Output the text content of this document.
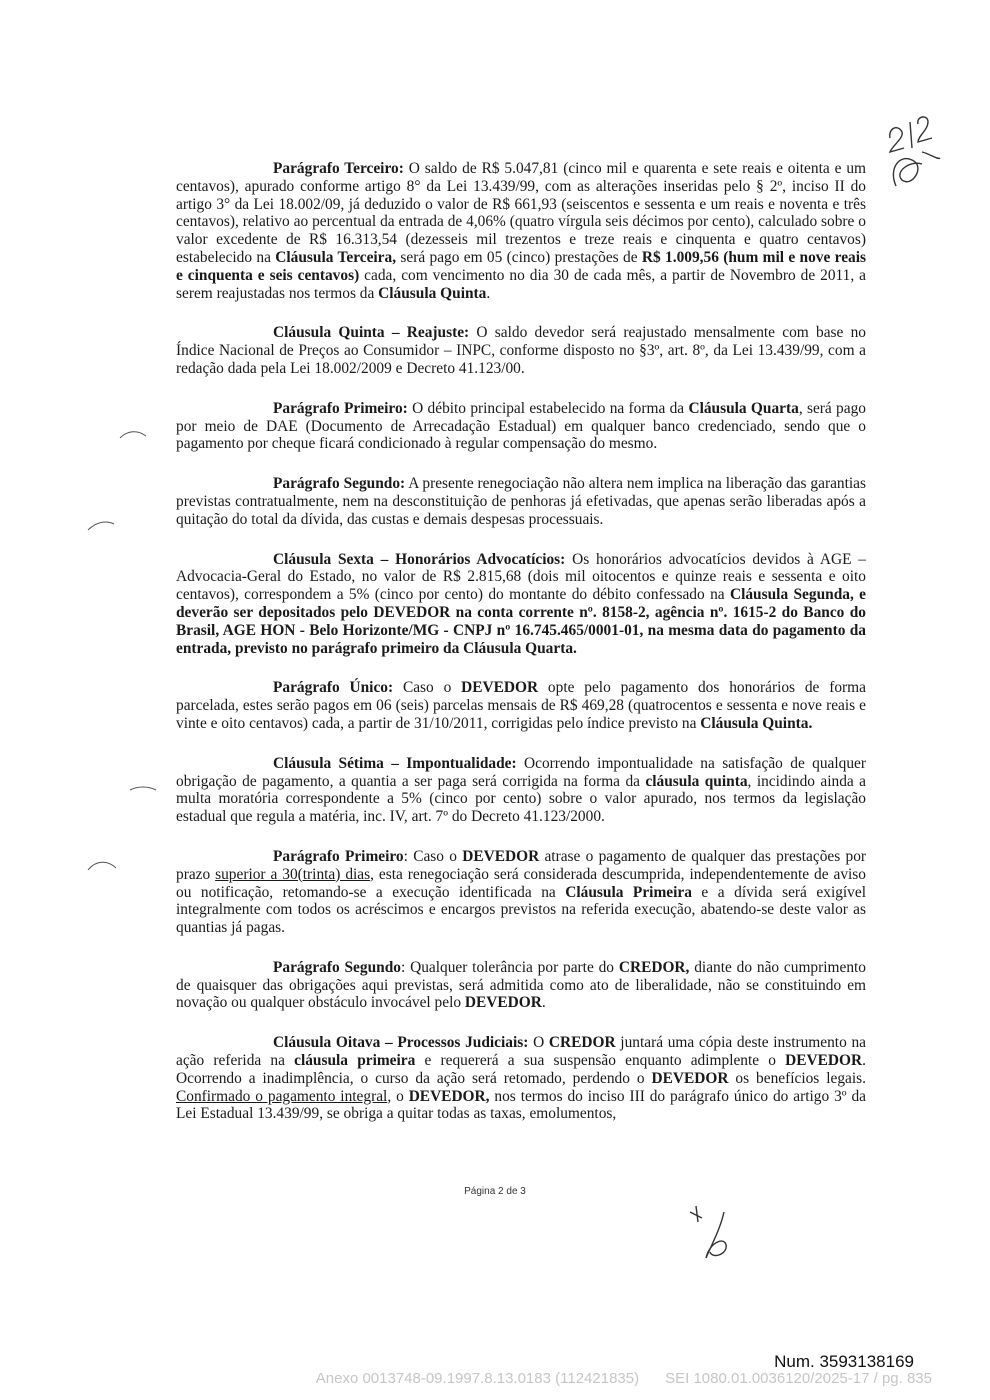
Parágrafo Terceiro: O saldo de R$ 5.047,81 (cinco mil e quarenta e sete reais e oitenta e um centavos), apurado conforme artigo 8° da Lei 13.439/99, com as alterações inseridas pelo § 2º, inciso II do artigo 3° da Lei 18.002/09, já deduzido o valor de R$ 661,93 (seiscentos e sessenta e um reais e noventa e três centavos), relativo ao percentual da entrada de 4,06% (quatro vírgula seis décimos por cento), calculado sobre o valor excedente de R$ 16.313,54 (dezesseis mil trezentos e treze reais e cinquenta e quatro centavos) estabelecido na Cláusula Terceira, será pago em 05 (cinco) prestações de R$ 1.009,56 (hum mil e nove reais e cinquenta e seis centavos) cada, com vencimento no dia 30 de cada mês, a partir de Novembro de 2011, a serem reajustadas nos termos da Cláusula Quinta.

Cláusula Quinta – Reajuste: O saldo devedor será reajustado mensalmente com base no Índice Nacional de Preços ao Consumidor – INPC, conforme disposto no §3º, art. 8º, da Lei 13.439/99, com a redação dada pela Lei 18.002/2009 e Decreto 41.123/00.

Parágrafo Primeiro: O débito principal estabelecido na forma da Cláusula Quarta, será pago por meio de DAE (Documento de Arrecadação Estadual) em qualquer banco credenciado, sendo que o pagamento por cheque ficará condicionado à regular compensação do mesmo.

Parágrafo Segundo: A presente renegociação não altera nem implica na liberação das garantias previstas contratualmente, nem na desconstituição de penhoras já efetivadas, que apenas serão liberadas após a quitação do total da dívida, das custas e demais despesas processuais.

Cláusula Sexta – Honorários Advocatícios: Os honorários advocatícios devidos à AGE – Advocacia-Geral do Estado, no valor de R$ 2.815,68 (dois mil oitocentos e quinze reais e sessenta e oito centavos), correspondem a 5% (cinco por cento) do montante do débito confessado na Cláusula Segunda, e deverão ser depositados pelo DEVEDOR na conta corrente nº. 8158-2, agência nº. 1615-2 do Banco do Brasil, AGE HON - Belo Horizonte/MG - CNPJ nº 16.745.465/0001-01, na mesma data do pagamento da entrada, previsto no parágrafo primeiro da Cláusula Quarta.

Parágrafo Único: Caso o DEVEDOR opte pelo pagamento dos honorários de forma parcelada, estes serão pagos em 06 (seis) parcelas mensais de R$ 469,28 (quatrocentos e sessenta e nove reais e vinte e oito centavos) cada, a partir de 31/10/2011, corrigidas pelo índice previsto na Cláusula Quinta.

Cláusula Sétima – Impontualidade: Ocorrendo impontualidade na satisfação de qualquer obrigação de pagamento, a quantia a ser paga será corrigida na forma da cláusula quinta, incidindo ainda a multa moratória correspondente a 5% (cinco por cento) sobre o valor apurado, nos termos da legislação estadual que regula a matéria, inc. IV, art. 7º do Decreto 41.123/2000.

Parágrafo Primeiro: Caso o DEVEDOR atrase o pagamento de qualquer das prestações por prazo superior a 30(trinta) dias, esta renegociação será considerada descumprida, independentemente de aviso ou notificação, retomando-se a execução identificada na Cláusula Primeira e a dívida será exigível integralmente com todos os acréscimos e encargos previstos na referida execução, abatendo-se deste valor as quantias já pagas.

Parágrafo Segundo: Qualquer tolerância por parte do CREDOR, diante do não cumprimento de quaisquer das obrigações aqui previstas, será admitida como ato de liberalidade, não se constituindo em novação ou qualquer obstáculo invocável pelo DEVEDOR.

Cláusula Oitava – Processos Judiciais: O CREDOR juntará uma cópia deste instrumento na ação referida na cláusula primeira e requererá a sua suspensão enquanto adimplente o DEVEDOR. Ocorrendo a inadimplência, o curso da ação será retomado, perdendo o DEVEDOR os benefícios legais. Confirmado o pagamento integral, o DEVEDOR, nos termos do inciso III do parágrafo único do artigo 3º da Lei Estadual 13.439/99, se obriga a quitar todas as taxas, emolumentos,

Página 2 de 3
Num. 3593138169
Anexo 0013748-09.1997.8.13.0183 (112421835) SEI 1080.01.0036120/2025-17 / pg. 835
